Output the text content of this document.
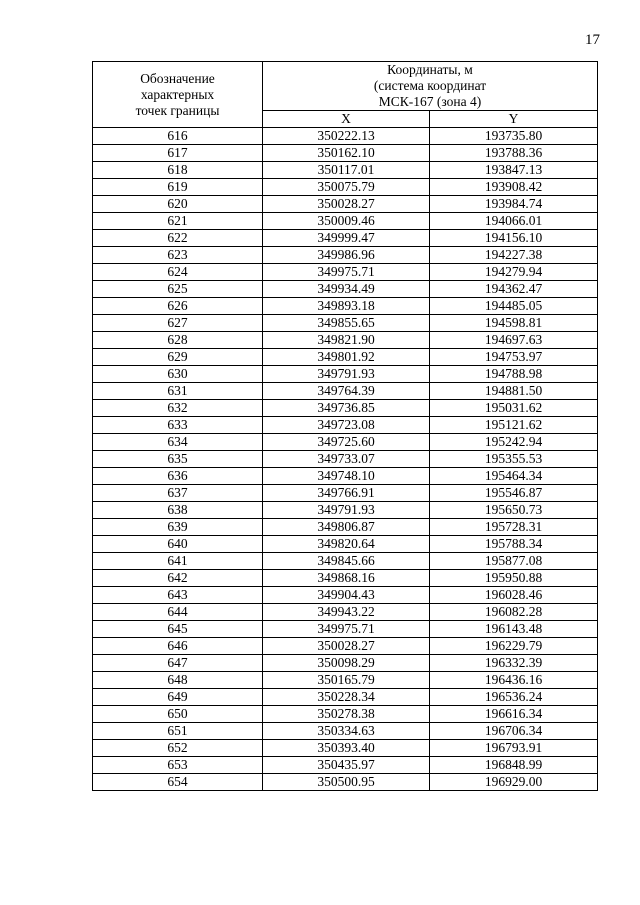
17
Обозначение
характерных
точек границы	Координаты, м
(система координат
МСК-167 (зона 4)	

	X	Y
616	350222.13	193735.80
617	350162.10	193788.36
618	350117.01	193847.13
619	350075.79	193908.42
620	350028.27	193984.74
621	350009.46	194066.01
622	349999.47	194156.10
623	349986.96	194227.38
624	349975.71	194279.94
625	349934.49	194362.47
626	349893.18	194485.05
627	349855.65	194598.81
628	349821.90	194697.63
629	349801.92	194753.97
630	349791.93	194788.98
631	349764.39	194881.50
632	349736.85	195031.62
633	349723.08	195121.62
634	349725.60	195242.94
635	349733.07	195355.53
636	349748.10	195464.34
637	349766.91	195546.87
638	349791.93	195650.73
639	349806.87	195728.31
640	349820.64	195788.34
641	349845.66	195877.08
642	349868.16	195950.88
643	349904.43	196028.46
644	349943.22	196082.28
645	349975.71	196143.48
646	350028.27	196229.79
647	350098.29	196332.39
648	350165.79	196436.16
649	350228.34	196536.24
650	350278.38	196616.34
651	350334.63	196706.34
652	350393.40	196793.91
653	350435.97	196848.99
654	350500.95	196929.00
